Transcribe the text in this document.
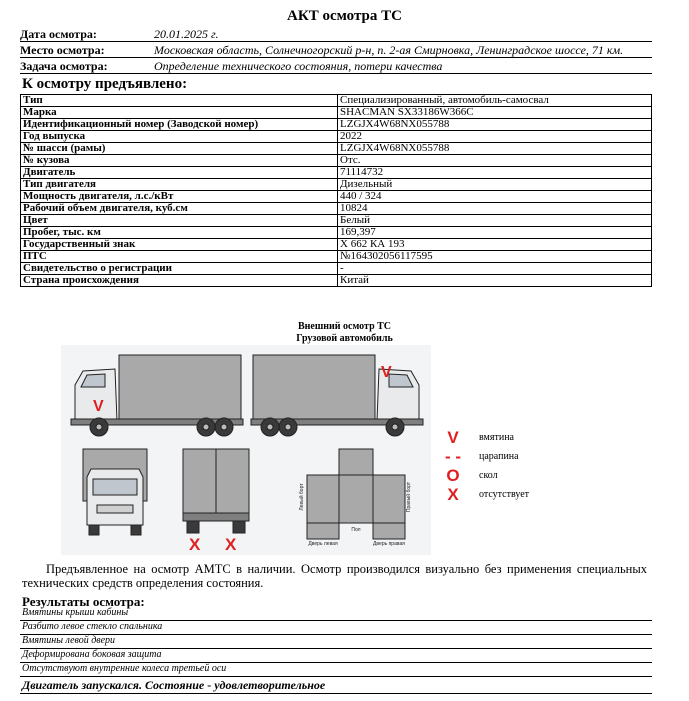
АКТ осмотра ТС
Дата осмотра:	20.01.2025 г.
Место осмотра:	Московская область, Солнечногорский р-н, п. 2-ая Смирновка, Ленинградское шоссе, 71 км.
Задача осмотра:	Определение технического состояния, потери качества
К осмотру предъявлено:
Тип	Специализированный, автомобиль-самосвал
Марка	SHACMAN SX33186W366C
Идентификационный номер (Заводской номер)	LZGJX4W68NX055788
Год выпуска	2022
№ шасси (рамы)	LZGJX4W68NX055788
№ кузова	Отс.
Двигатель	71114732
Тип двигателя	Дизельный
Мощность двигателя, л.с./кВт	440 / 324
Рабочий объем двигателя, куб.см	10824
Цвет	Белый
Пробег, тыс. км	169,397
Государственный знак	Х 662 КА 193
ПТС	№164302056117595
Свидетельство о регистрации	-
Страна происхождения	Китай
Внешний осмотр ТС
Грузовой автомобиль
V
V
X X
Левый борт	Правый борт
Пол
Дверь левая	Дверь правая
V	вмятина
- -	царапина
O	скол
X	отсутствует
Предъявленное на осмотр АМТС в наличии. Осмотр производился визуально без применения специальных технических средств определения состояния.
Результаты осмотра:
Вмятины крыши кабины
Разбито левое стекло спальника
Вмятины левой двери
Деформирована боковая защита
Отсутствуют внутренние колеса третьей оси
Двигатель запускался. Состояние - удовлетворительное
